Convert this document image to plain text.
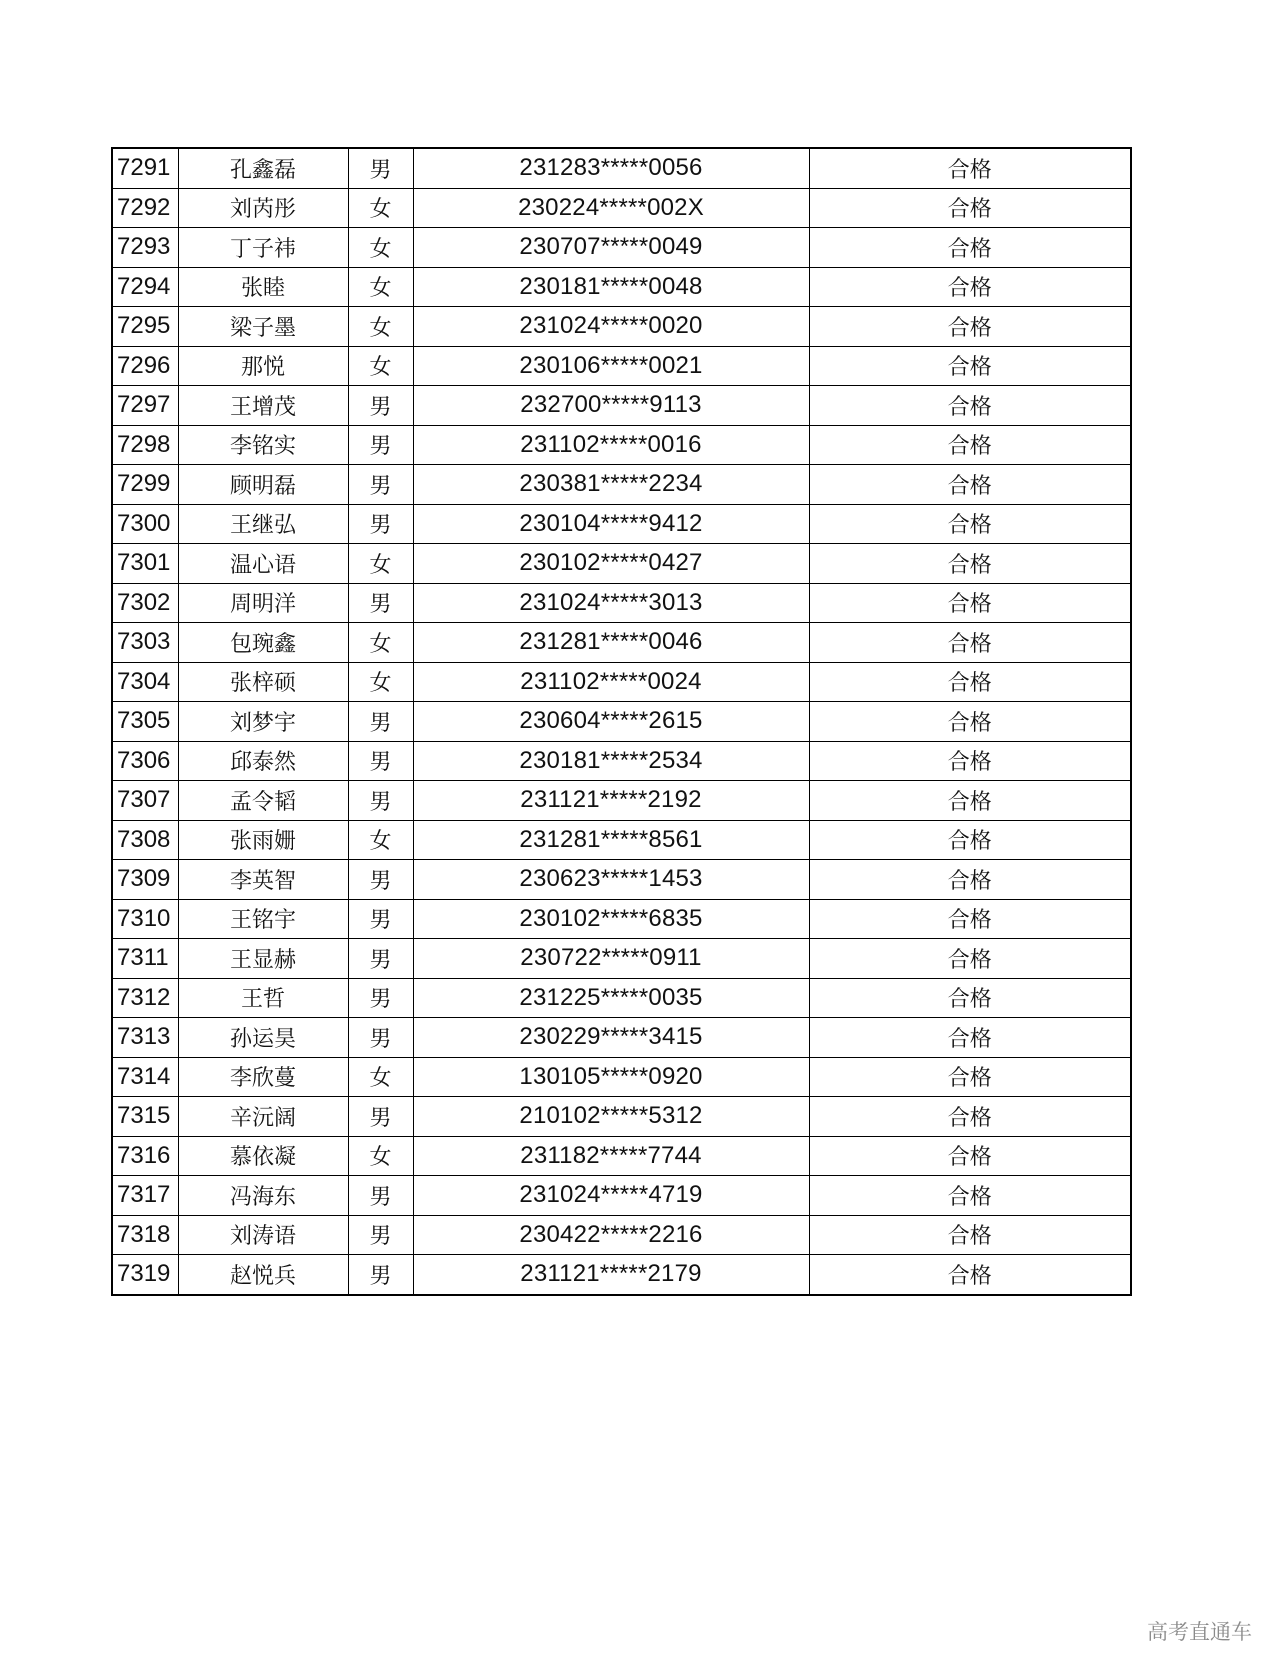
7291	孔鑫磊	男	231283*****0056	合格
7292	刘芮彤	女	230224*****002X	合格
7293	丁子祎	女	230707*****0049	合格
7294	张睦	女	230181*****0048	合格
7295	梁子墨	女	231024*****0020	合格
7296	那悦	女	230106*****0021	合格
7297	王增茂	男	232700*****9113	合格
7298	李铭实	男	231102*****0016	合格
7299	顾明磊	男	230381*****2234	合格
7300	王继弘	男	230104*****9412	合格
7301	温心语	女	230102*****0427	合格
7302	周明洋	男	231024*****3013	合格
7303	包琬鑫	女	231281*****0046	合格
7304	张梓硕	女	231102*****0024	合格
7305	刘梦宇	男	230604*****2615	合格
7306	邱泰然	男	230181*****2534	合格
7307	孟令韬	男	231121*****2192	合格
7308	张雨姗	女	231281*****8561	合格
7309	李英智	男	230623*****1453	合格
7310	王铭宇	男	230102*****6835	合格
7311	王显赫	男	230722*****0911	合格
7312	王哲	男	231225*****0035	合格
7313	孙运昊	男	230229*****3415	合格
7314	李欣蔓	女	130105*****0920	合格
7315	辛沅阔	男	210102*****5312	合格
7316	慕依凝	女	231182*****7744	合格
7317	冯海东	男	231024*****4719	合格
7318	刘涛语	男	230422*****2216	合格
7319	赵悦兵	男	231121*****2179	合格
高考直通车
